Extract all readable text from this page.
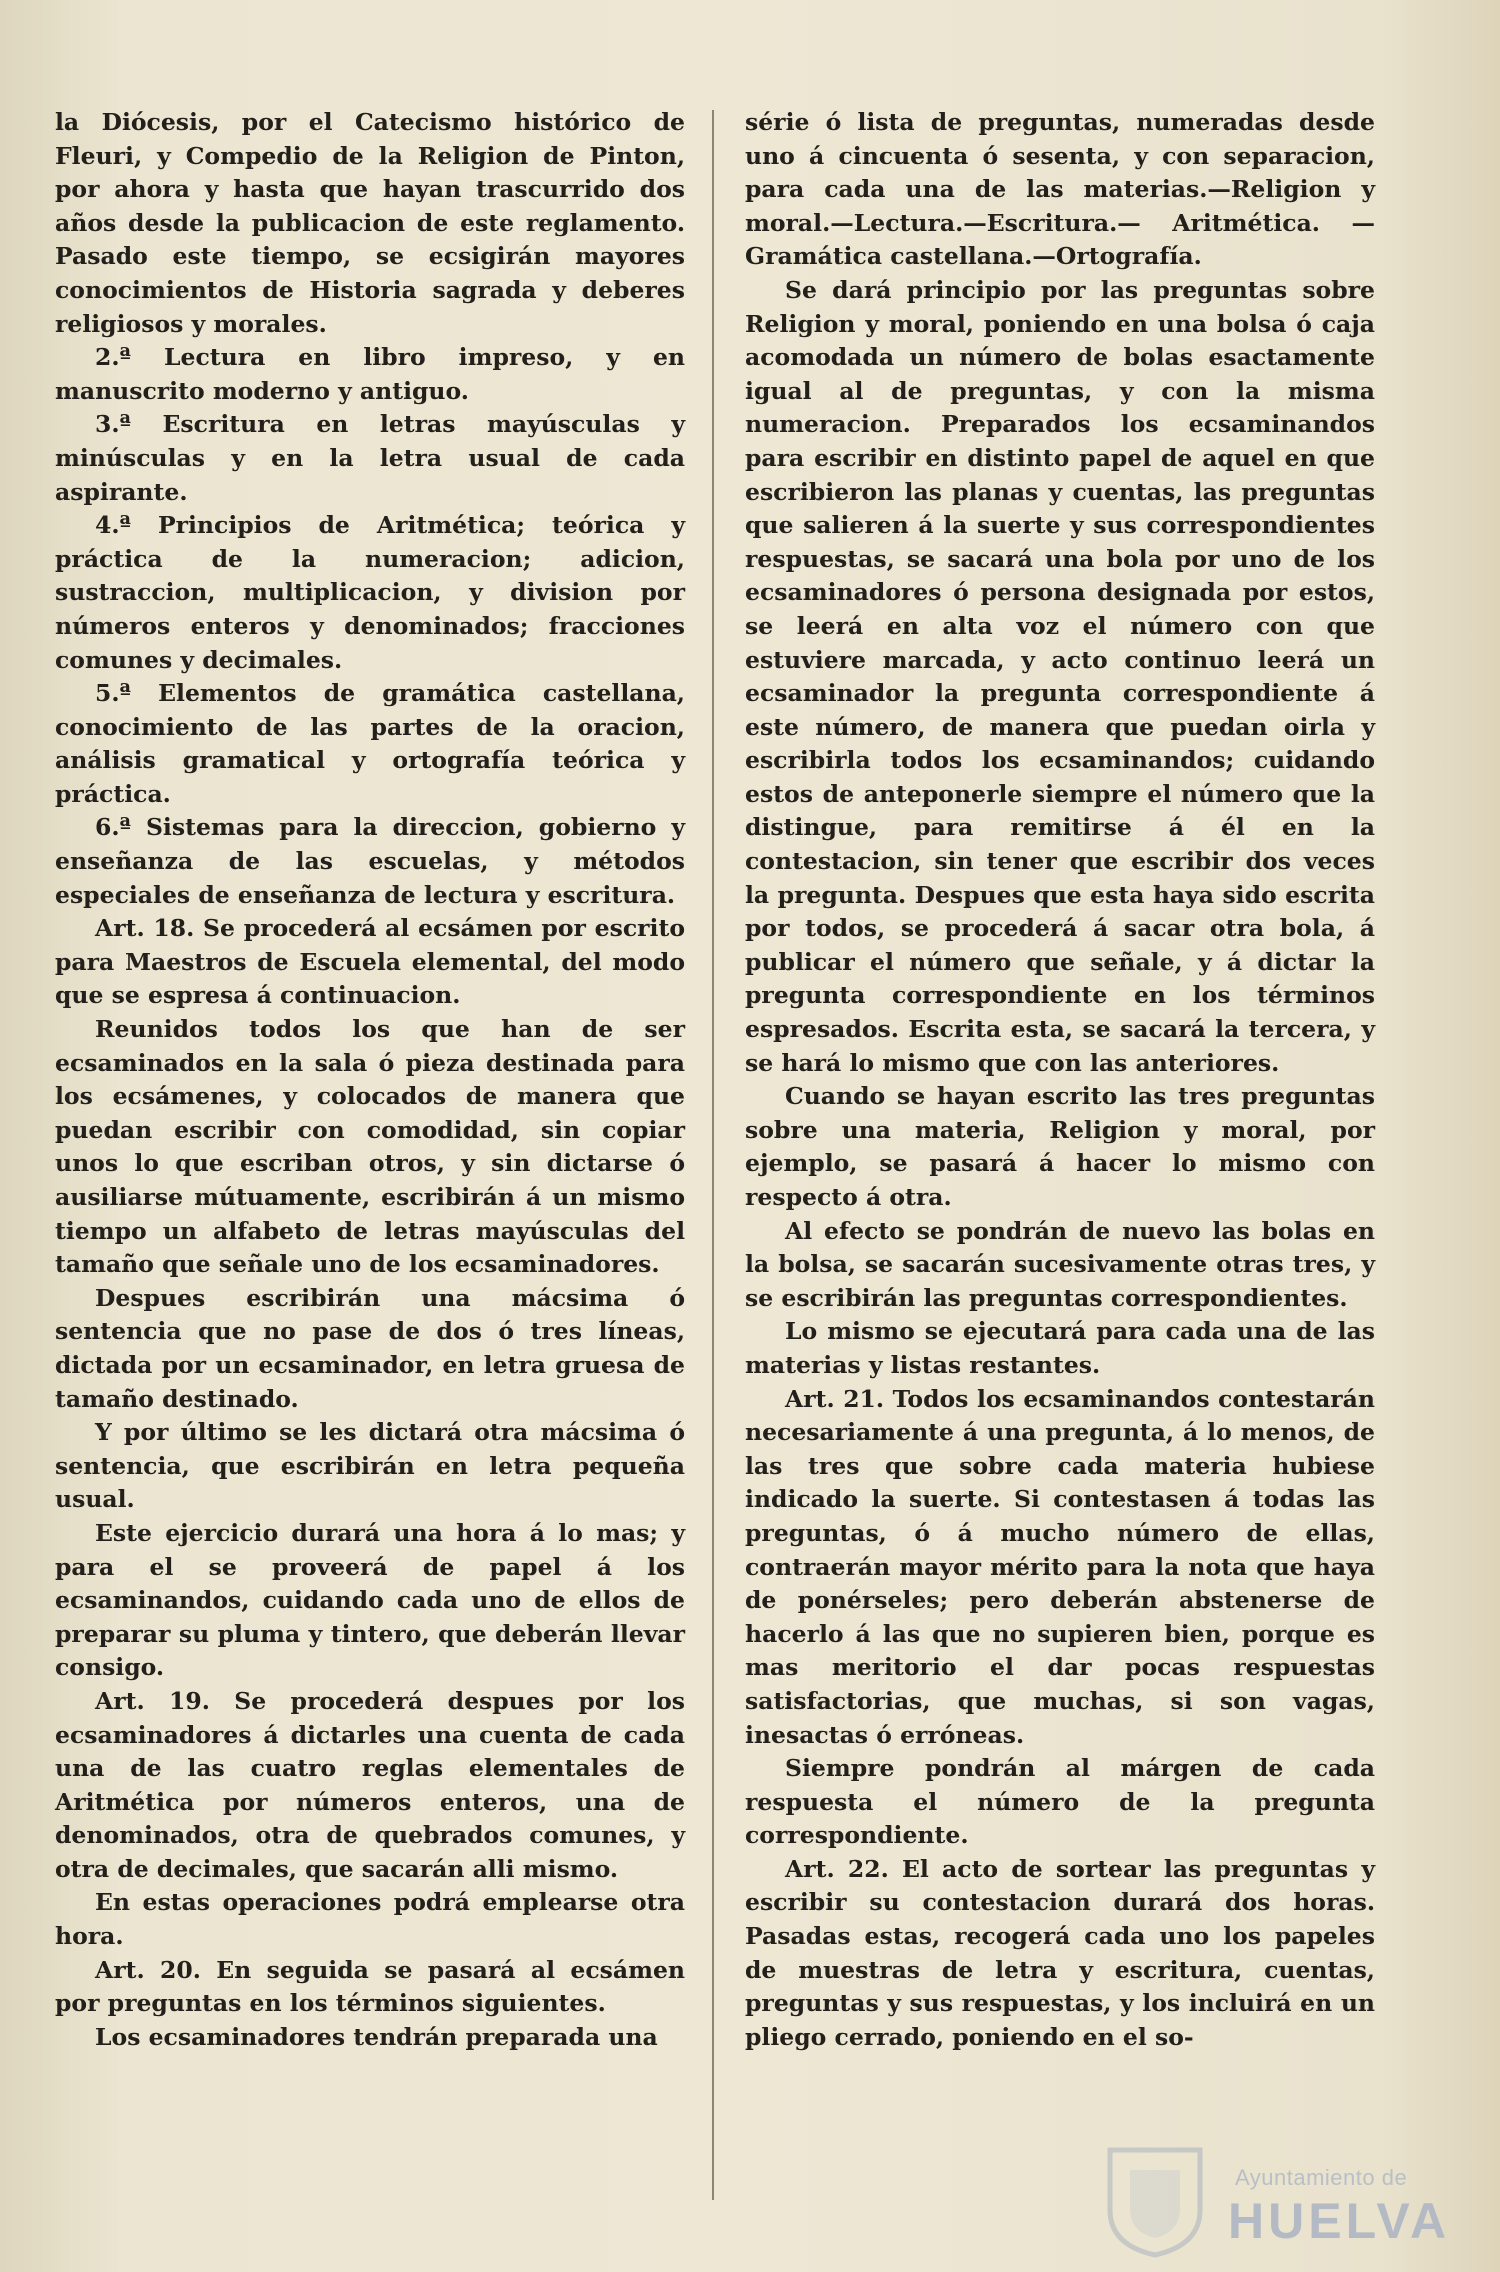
la Diócesis, por el Catecismo histórico de Fleuri, y Compedio de la Religion de Pinton, por ahora y hasta que hayan trascurrido dos años desde la publicacion de este reglamento. Pasado este tiempo, se ecsigirán mayores conocimientos de Historia sagrada y deberes religiosos y morales.

2.ª Lectura en libro impreso, y en manuscrito moderno y antiguo.

3.ª Escritura en letras mayúsculas y minúsculas y en la letra usual de cada aspirante.

4.ª Principios de Aritmética; teórica y práctica de la numeracion; adicion, sustraccion, multiplicacion, y division por números enteros y denominados; fracciones comunes y decimales.

5.ª Elementos de gramática castellana, conocimiento de las partes de la oracion, análisis gramatical y ortografía teórica y práctica.

6.ª Sistemas para la direccion, gobierno y enseñanza de las escuelas, y métodos especiales de enseñanza de lectura y escritura.

Art. 18. Se procederá al ecsámen por escrito para Maestros de Escuela elemental, del modo que se espresa á continuacion.

Reunidos todos los que han de ser ecsaminados en la sala ó pieza destinada para los ecsámenes, y colocados de manera que puedan escribir con comodidad, sin copiar unos lo que escriban otros, y sin dictarse ó ausiliarse mútuamente, escribirán á un mismo tiempo un alfabeto de letras mayúsculas del tamaño que señale uno de los ecsaminadores.

Despues escribirán una mácsima ó sentencia que no pase de dos ó tres líneas, dictada por un ecsaminador, en letra gruesa de tamaño destinado.

Y por último se les dictará otra mácsima ó sentencia, que escribirán en letra pequeña usual.

Este ejercicio durará una hora á lo mas; y para el se proveerá de papel á los ecsaminandos, cuidando cada uno de ellos de preparar su pluma y tintero, que deberán llevar consigo.

Art. 19. Se procederá despues por los ecsaminadores á dictarles una cuenta de cada una de las cuatro reglas elementales de Aritmética por números enteros, una de denominados, otra de quebrados comunes, y otra de decimales, que sacarán alli mismo.

En estas operaciones podrá emplearse otra hora.

Art. 20. En seguida se pasará al ecsámen por preguntas en los términos siguientes.

Los ecsaminadores tendrán preparada una

série ó lista de preguntas, numeradas desde uno á cincuenta ó sesenta, y con separacion, para cada una de las materias.—Religion y moral.—Lectura.—Escritura.— Aritmética. —Gramática castellana.—Ortografía.

Se dará principio por las preguntas sobre Religion y moral, poniendo en una bolsa ó caja acomodada un número de bolas esactamente igual al de preguntas, y con la misma numeracion. Preparados los ecsaminandos para escribir en distinto papel de aquel en que escribieron las planas y cuentas, las preguntas que salieren á la suerte y sus correspondientes respuestas, se sacará una bola por uno de los ecsaminadores ó persona designada por estos, se leerá en alta voz el número con que estuviere marcada, y acto continuo leerá un ecsaminador la pregunta correspondiente á este número, de manera que puedan oirla y escribirla todos los ecsaminandos; cuidando estos de anteponerle siempre el número que la distingue, para remitirse á él en la contestacion, sin tener que escribir dos veces la pregunta. Despues que esta haya sido escrita por todos, se procederá á sacar otra bola, á publicar el número que señale, y á dictar la pregunta correspondiente en los términos espresados. Escrita esta, se sacará la tercera, y se hará lo mismo que con las anteriores.

Cuando se hayan escrito las tres preguntas sobre una materia, Religion y moral, por ejemplo, se pasará á hacer lo mismo con respecto á otra.

Al efecto se pondrán de nuevo las bolas en la bolsa, se sacarán sucesivamente otras tres, y se escribirán las preguntas correspondientes.

Lo mismo se ejecutará para cada una de las materias y listas restantes.

Art. 21. Todos los ecsaminandos contestarán necesariamente á una pregunta, á lo menos, de las tres que sobre cada materia hubiese indicado la suerte. Si contestasen á todas las preguntas, ó á mucho número de ellas, contraerán mayor mérito para la nota que haya de ponérseles; pero deberán abstenerse de hacerlo á las que no supieren bien, porque es mas meritorio el dar pocas respuestas satisfactorias, que muchas, si son vagas, inesactas ó erróneas.

Siempre pondrán al márgen de cada respuesta el número de la pregunta correspondiente.

Art. 22. El acto de sortear las preguntas y escribir su contestacion durará dos horas. Pasadas estas, recogerá cada uno los papeles de muestras de letra y escritura, cuentas, preguntas y sus respuestas, y los incluirá en un pliego cerrado, poniendo en el so-

Ayuntamiento de
HUELVA
